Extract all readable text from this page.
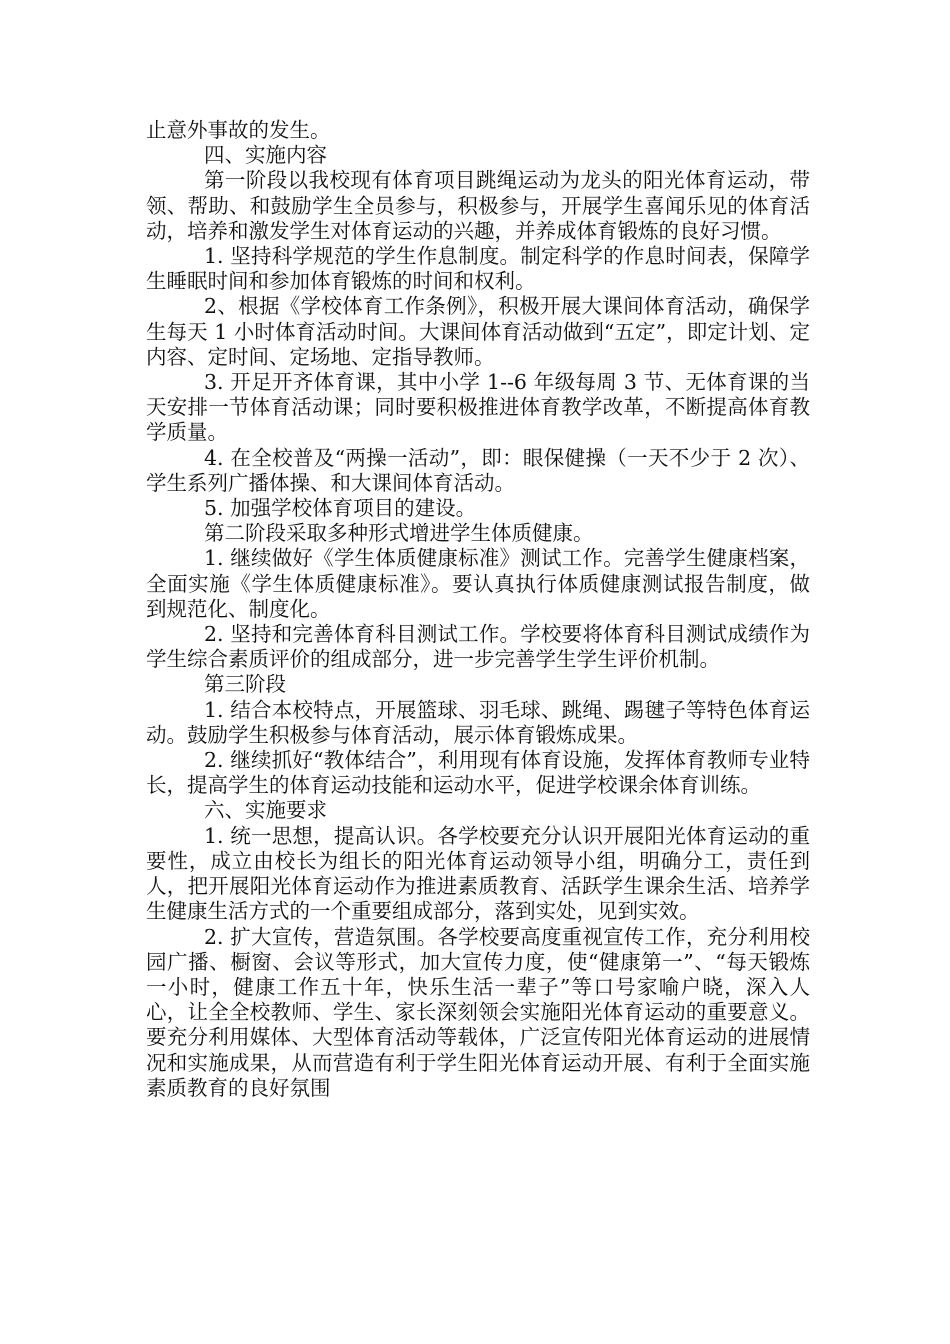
止意外事故的发生。

四、实施内容

第一阶段以我校现有体育项目跳绳运动为龙头的阳光体育运动，带领、帮助、和鼓励学生全员参与，积极参与，开展学生喜闻乐见的体育活动，培养和激发学生对体育运动的兴趣，并养成体育锻炼的良好习惯。

1. 坚持科学规范的学生作息制度。制定科学的作息时间表，保障学生睡眠时间和参加体育锻炼的时间和权利。

2、根据《学校体育工作条例》，积极开展大课间体育活动，确保学生每天 1 小时体育活动时间。大课间体育活动做到“五定”，即定计划、定内容、定时间、定场地、定指导教师。

3. 开足开齐体育课，其中小学 1--6 年级每周 3 节、无体育课的当天安排一节体育活动课；同时要积极推进体育教学改革，不断提高体育教学质量。

4. 在全校普及“两操一活动”，即：眼保健操（一天不少于 2 次）、学生系列广播体操、和大课间体育活动。

5. 加强学校体育项目的建设。

第二阶段采取多种形式增进学生体质健康。

1. 继续做好《学生体质健康标准》测试工作。完善学生健康档案，全面实施《学生体质健康标准》。要认真执行体质健康测试报告制度，做到规范化、制度化。

2. 坚持和完善体育科目测试工作。学校要将体育科目测试成绩作为学生综合素质评价的组成部分，进一步完善学生学生评价机制。

第三阶段

1. 结合本校特点，开展篮球、羽毛球、跳绳、踢毽子等特色体育运动。鼓励学生积极参与体育活动，展示体育锻炼成果。

2. 继续抓好“教体结合”，利用现有体育设施，发挥体育教师专业特长，提高学生的体育运动技能和运动水平，促进学校课余体育训练。

六、实施要求

1. 统一思想，提高认识。各学校要充分认识开展阳光体育运动的重要性，成立由校长为组长的阳光体育运动领导小组，明确分工，责任到人，把开展阳光体育运动作为推进素质教育、活跃学生课余生活、培养学生健康生活方式的一个重要组成部分，落到实处，见到实效。

2. 扩大宣传，营造氛围。各学校要高度重视宣传工作，充分利用校园广播、橱窗、会议等形式，加大宣传力度，使“健康第一”、“每天锻炼一小时，健康工作五十年，快乐生活一辈子”等口号家喻户晓，深入人心，让全全校教师、学生、家长深刻领会实施阳光体育运动的重要意义。要充分利用媒体、大型体育活动等载体，广泛宣传阳光体育运动的进展情况和实施成果，从而营造有利于学生阳光体育运动开展、有利于全面实施素质教育的良好氛围
